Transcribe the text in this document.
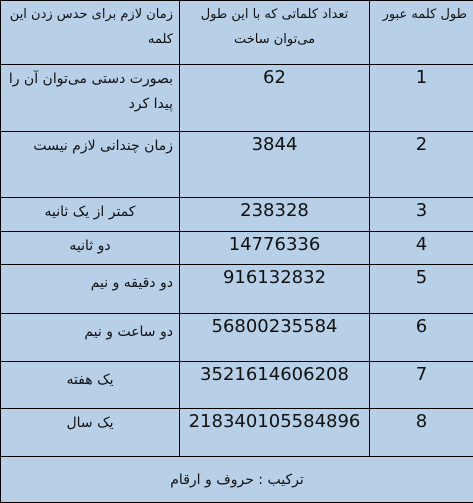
طول کلمه عبور	تعداد کلماتی که با این طول می‌توان ساخت	زمان لازم برای حدس زدن این کلمه
1	62	بصورت دستی می‌توان آن را پیدا کرد
2	3844	زمان چندانی لازم نیست
3	238328	کمتر از یک ثانیه
4	14776336	دو ثانیه
5	916132832	دو دقیقه و نیم
6	56800235584	دو ساعت و نیم
7	3521614606208	یک هفته
8	218340105584896	یک سال
ترکیب : حروف و ارقام		
